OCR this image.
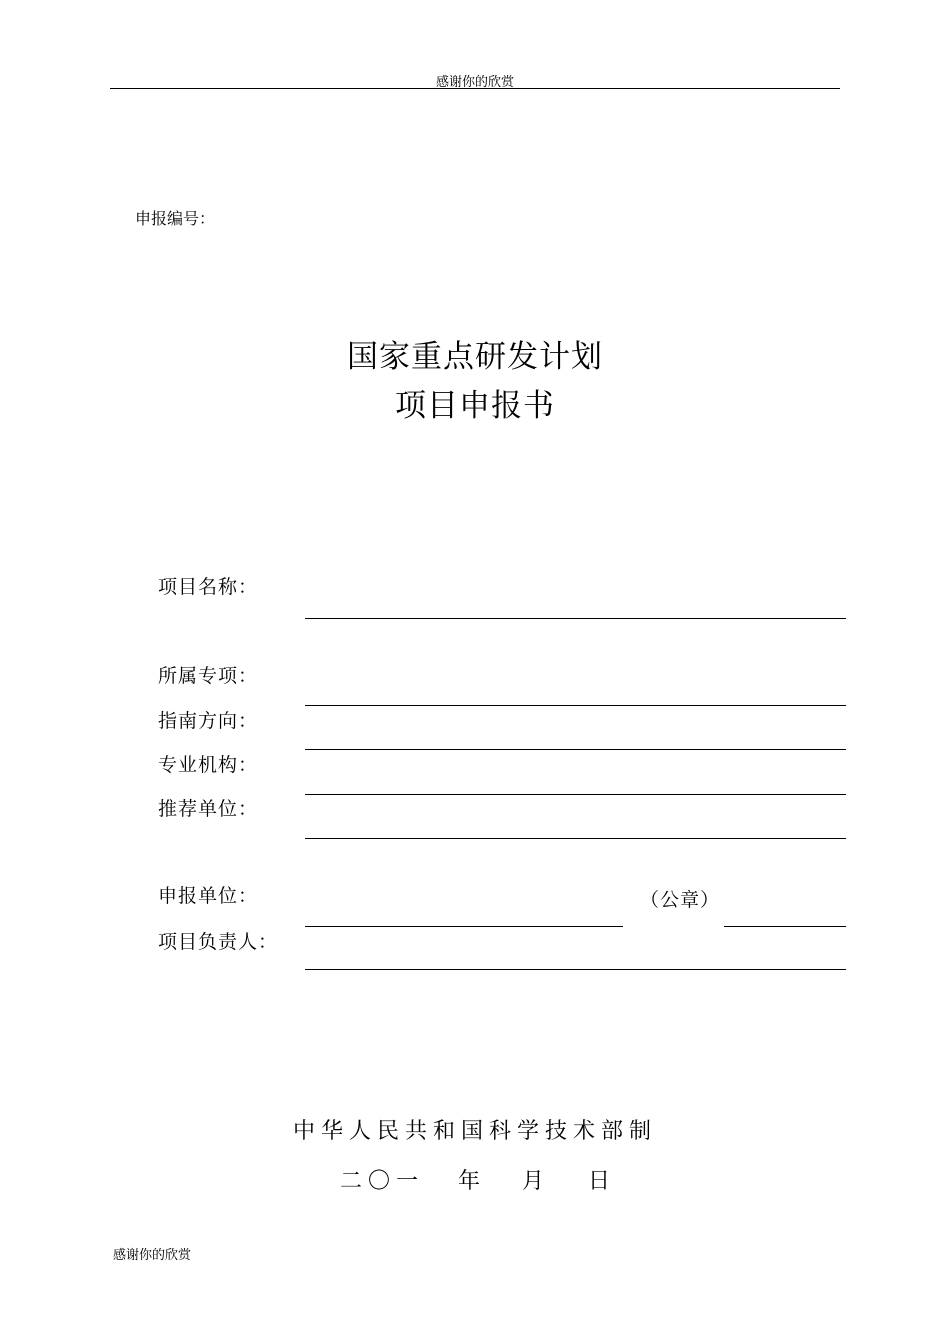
感谢你的欣赏
申报编号：
国家重点研发计划
项目申报书
项目名称：
所属专项：
指南方向：
专业机构：
推荐单位：
申报单位：	（公章）
项目负责人：
中华人民共和国科学技术部制
二〇一 年 月 日
感谢你的欣赏
